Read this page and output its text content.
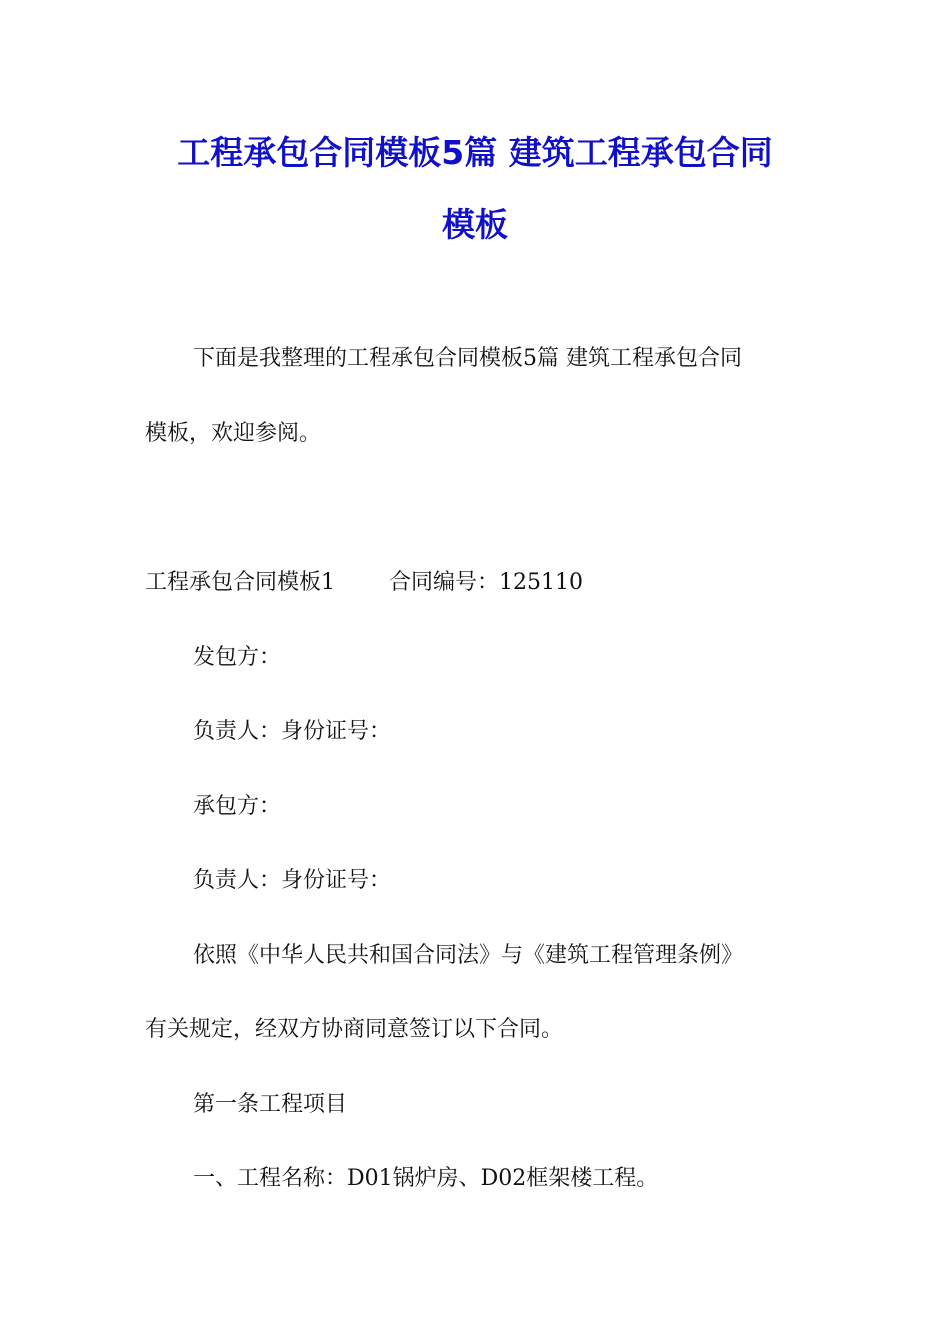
工程承包合同模板5篇 建筑工程承包合同
模板

下面是我整理的工程承包合同模板5篇 建筑工程承包合同

模板，欢迎参阅。

工程承包合同模板1 合同编号：125110

发包方：

负责人：身份证号：

承包方：

负责人：身份证号：

依照《中华人民共和国合同法》与《建筑工程管理条例》

有关规定，经双方协商同意签订以下合同。

第一条工程项目

一、工程名称：D01锅炉房、D02框架楼工程。
